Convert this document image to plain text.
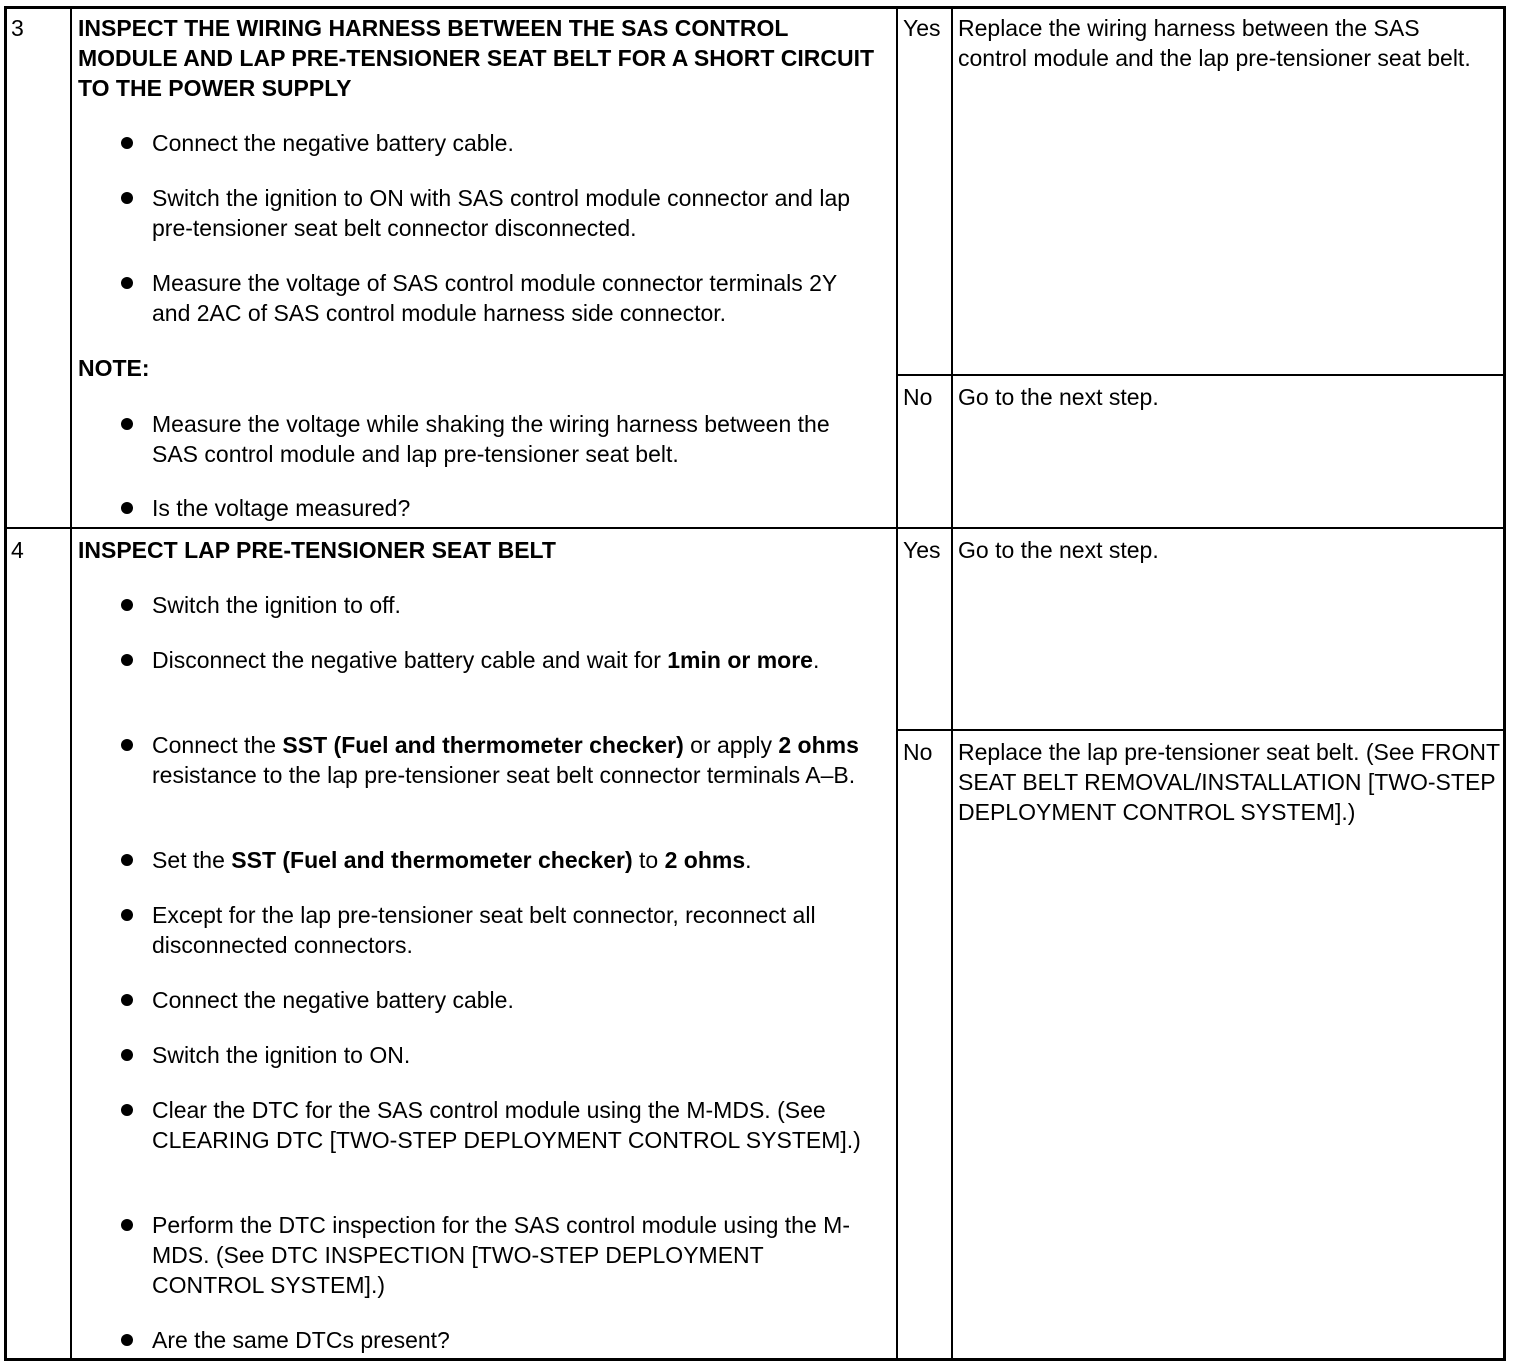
3 INSPECT THE WIRING HARNESS BETWEEN THE SAS CONTROL MODULE AND LAP PRE-TENSIONER SEAT BELT FOR A SHORT CIRCUIT TO THE POWER SUPPLY
Connect the negative battery cable.
Switch the ignition to ON with SAS control module connector and lap pre-tensioner seat belt connector disconnected.
Measure the voltage of SAS control module connector terminals 2Y and 2AC of SAS control module harness side connector.
NOTE:
Measure the voltage while shaking the wiring harness between the SAS control module and lap pre-tensioner seat belt.
Is the voltage measured?
Yes Replace the wiring harness between the SAS control module and the lap pre-tensioner seat belt.
No Go to the next step.
4 INSPECT LAP PRE-TENSIONER SEAT BELT
Switch the ignition to off.
Disconnect the negative battery cable and wait for 1min or more.
Connect the SST (Fuel and thermometer checker) or apply 2 ohms resistance to the lap pre-tensioner seat belt connector terminals A–B.
Set the SST (Fuel and thermometer checker) to 2 ohms.
Except for the lap pre-tensioner seat belt connector, reconnect all disconnected connectors.
Connect the negative battery cable.
Switch the ignition to ON.
Clear the DTC for the SAS control module using the M-MDS. (See CLEARING DTC [TWO-STEP DEPLOYMENT CONTROL SYSTEM].)
Perform the DTC inspection for the SAS control module using the M-MDS. (See DTC INSPECTION [TWO-STEP DEPLOYMENT CONTROL SYSTEM].)
Are the same DTCs present?
Yes Go to the next step.
No Replace the lap pre-tensioner seat belt. (See FRONT SEAT BELT REMOVAL/INSTALLATION [TWO-STEP DEPLOYMENT CONTROL SYSTEM].)
